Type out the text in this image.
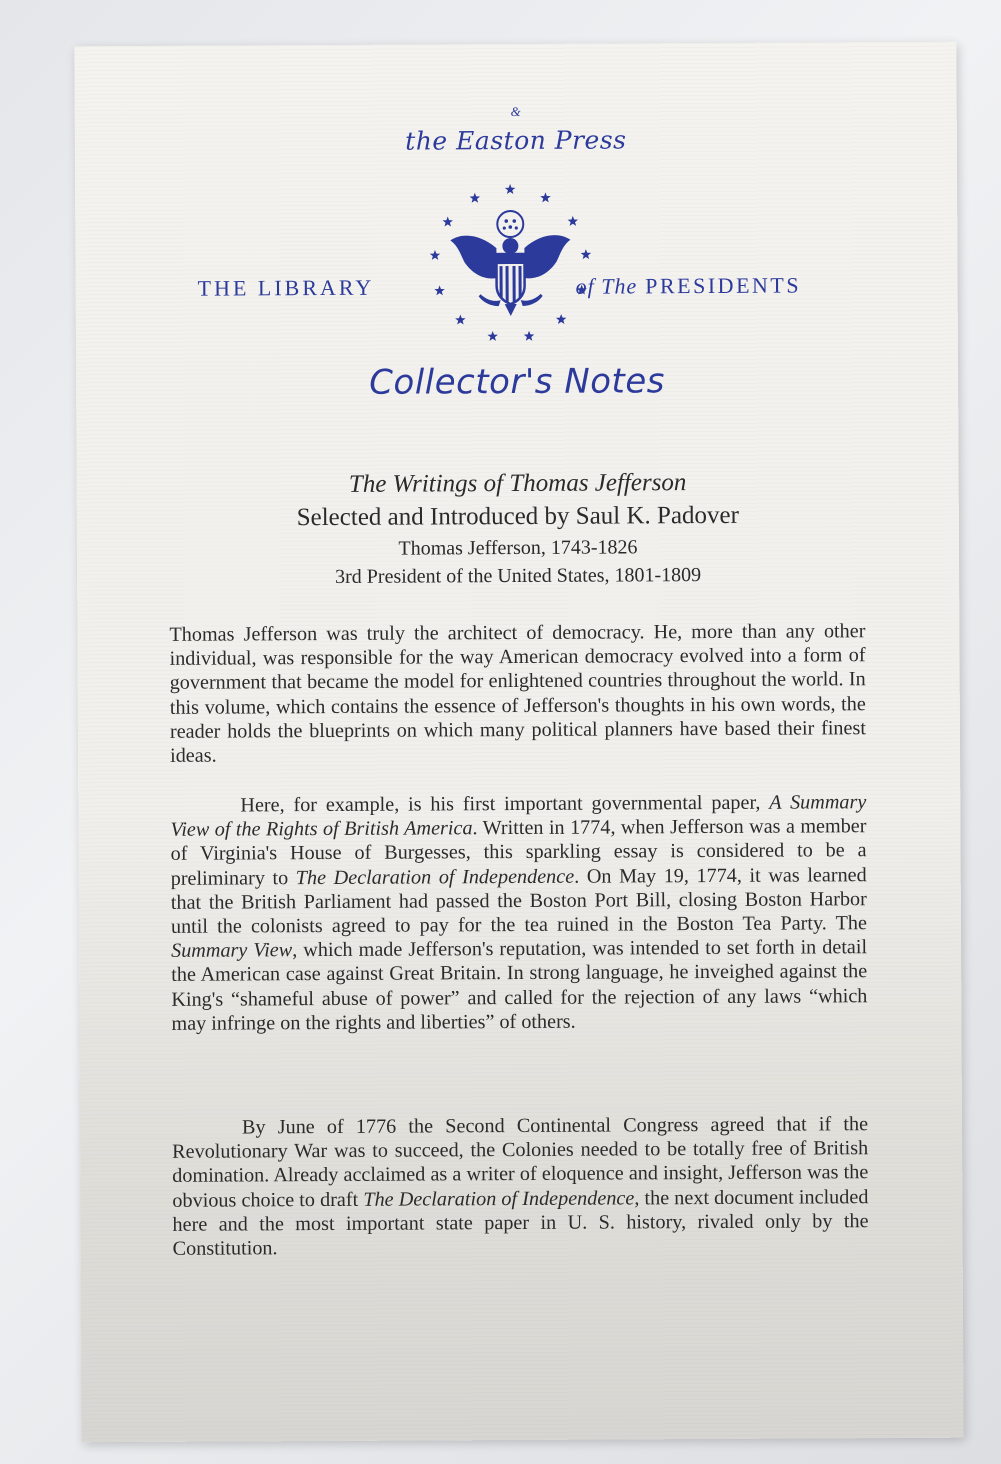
&
the Easton Press
THE LIBRARY	of The PRESIDENTS
Collector's Notes
The Writings of Thomas Jefferson
Selected and Introduced by Saul K. Padover
Thomas Jefferson, 1743-1826
3rd President of the United States, 1801-1809

Thomas Jefferson was truly the architect of democracy. He, more than any other individual, was responsible for the way American democracy evolved into a form of government that became the model for enlightened countries throughout the world. In this volume, which contains the essence of Jefferson's thoughts in his own words, the reader holds the blueprints on which many political planners have based their finest ideas.

Here, for example, is his first important governmental paper, A Summary View of the Rights of British America. Written in 1774, when Jefferson was a member of Virginia's House of Burgesses, this sparkling essay is considered to be a preliminary to The Declaration of Independence. On May 19, 1774, it was learned that the British Parliament had passed the Boston Port Bill, closing Boston Harbor until the colonists agreed to pay for the tea ruined in the Boston Tea Party. The Summary View, which made Jefferson's reputation, was intended to set forth in detail the American case against Great Britain. In strong language, he inveighed against the King's “shameful abuse of power” and called for the rejection of any laws “which may infringe on the rights and liberties” of others.

By June of 1776 the Second Continental Congress agreed that if the Revolutionary War was to succeed, the Colonies needed to be totally free of British domination. Already acclaimed as a writer of eloquence and insight, Jefferson was the obvious choice to draft The Declaration of Independence, the next document included here and the most important state paper in U. S. history, rivaled only by the Constitution.
